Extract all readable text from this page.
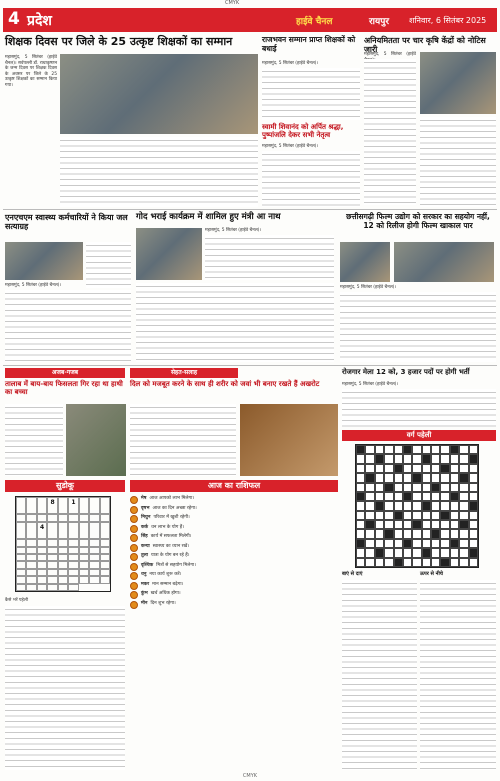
CMYK
4 प्रदेश	हाईवे चैनल	रायपुर शनिवार, 6 सितंबर 2025
शिक्षक दिवस पर जिले के 25 उत्कृष्ट शिक्षकों का सम्मान
महासमुंद, 5 सितंबर (हाईवे चैनल)। सर्वपल्ली डॉ. राधाकृष्णन के जन्म दिवस पर शिक्षक दिवस के अवसर पर जिले के 25 उत्कृष्ट शिक्षकों का सम्मान किया गया।
राजभवन सम्मान प्राप्त शिक्षकों को बधाई
महासमुंद, 5 सितंबर (हाईवे चैनल)।
स्वामी शिवानंद को अर्पित श्रद्धा, पुष्पांजलि देकर सभी नेतृत्व
महासमुंद, 5 सितंबर (हाईवे चैनल)।
अनियमितता पर चार कृषि केंद्रों को नोटिस जारी
महासमुंद, 5 सितंबर (हाईवे
एनएचएम स्वास्थ्य कर्मचारियों ने किया जल सत्याग्रह
महासमुंद, 5 सितंबर (हाईवे चैनल)।
गोद भराई कार्यक्रम में शामिल हुए मंत्री आ नाथ
महासमुंद, 5 सितंबर (हाईवे चैनल)।
छत्तीसगढ़ी फिल्म उद्योग को सरकार का सहयोग नहीं, 12 को रिलीज होगी फिल्म खाकाल पार
महासमुंद, 5 सितंबर (हाईवे चैनल)।
अजब-गजब
तालाब में बाय-बाय फिसलता गिर रहा था हाथी का बच्चा
सेहत-सलाह
दिल को मजबूत करने के साथ ही शरीर को जवां भी बनाए रखते हैं अखरोट
रोजगार मेला 12 को, 3 हजार पदों पर होगी भर्ती
महासमुंद, 5 सितंबर (हाईवे चैनल)।
वर्ग पहेली
बाएं से दाएं	ऊपर से नीचे
सुडोकू
8	1
4
कैसे भरें पहेली
आज का राशिफल
मेष आज आपको लाभ मिलेगा।
वृषभ आज का दिन अच्छा रहेगा।
मिथुन परिवार में खुशी रहेगी।
कर्क धन लाभ के योग हैं।
सिंह कार्य में सफलता मिलेगी।
कन्या स्वास्थ्य का ध्यान रखें।
तुला यात्रा के योग बन रहे हैं।
वृश्चिक मित्रों से सहयोग मिलेगा।
धनु नया कार्य शुरू करें।
मकर मान सम्मान बढ़ेगा।
कुंभ खर्च अधिक होगा।
मीन दिन शुभ रहेगा।
CMYK
